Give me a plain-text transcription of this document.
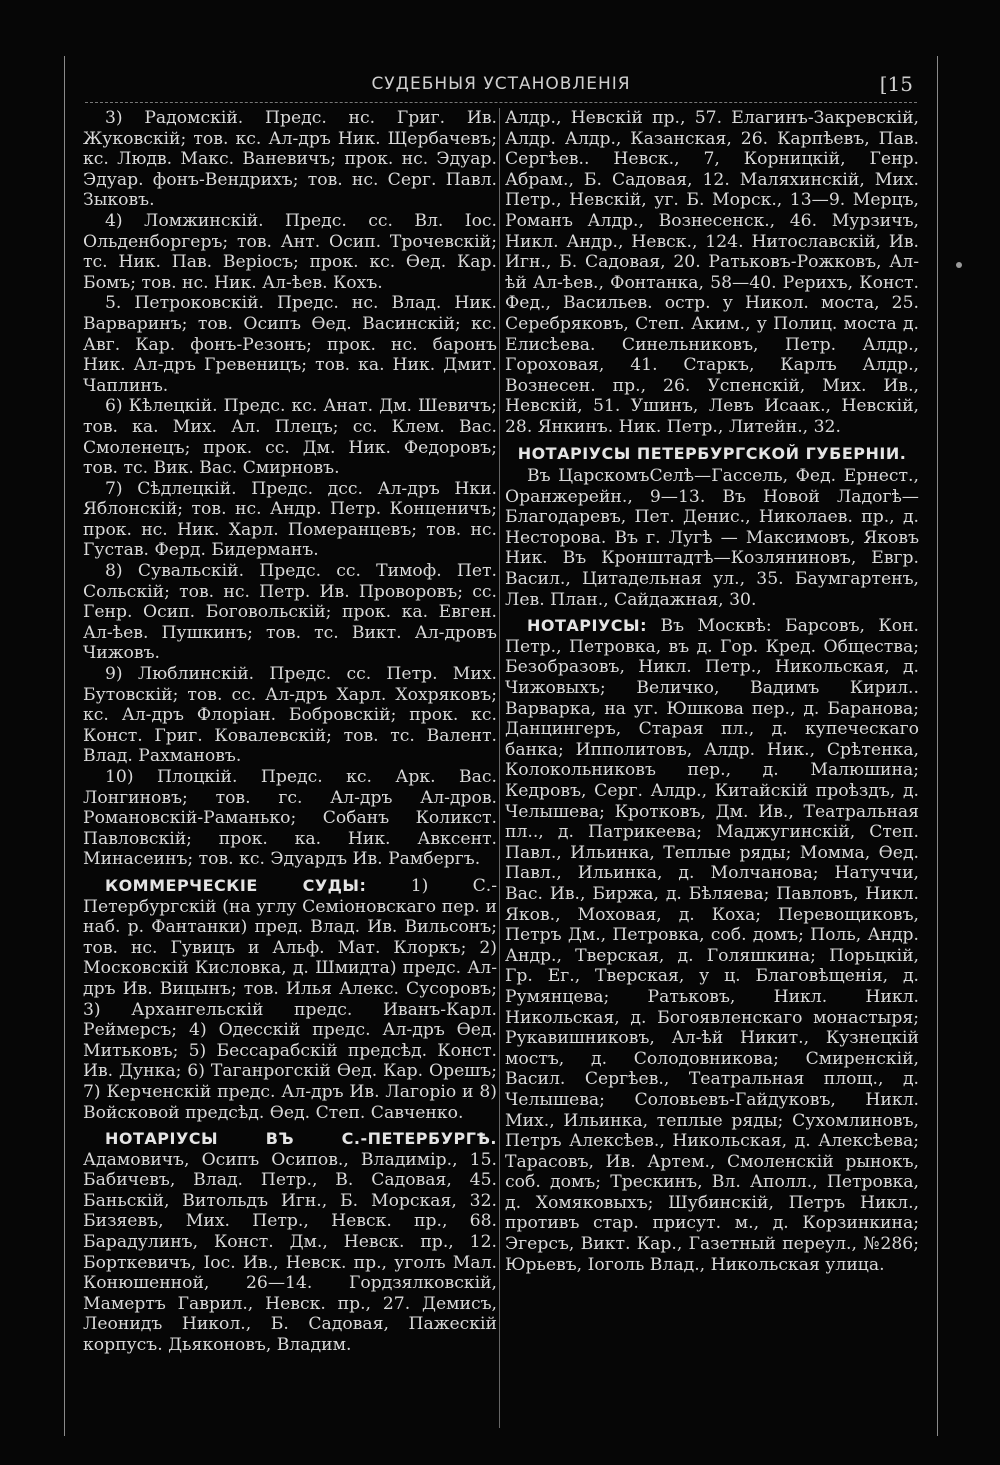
СУДЕБНЫЯ УСТАНОВЛЕНIЯ	[15

3) Радомскiй. Предс. нс. Григ. Ив. Жуковскiй; тов. кс. Ал-дръ Ник. Щербачевъ; кс. Людв. Макс. Ваневичъ; прок. нс. Эдуар. Эдуар. фонъ-Вендрихъ; тов. нс. Серг. Павл. Зыковъ.

4) Ломжинскiй. Предс. сс. Вл. Iос. Ольденборгеръ; тов. Ант. Осип. Трочевскiй; тс. Ник. Пав. Верiосъ; прок. кс. Өед. Кар. Бомъ; тов. нс. Ник. Ал-ѣев. Кохъ.

5. Петроковскiй. Предс. нс. Влад. Ник. Варваринъ; тов. Осипъ Өед. Васинскiй; кс. Авг. Кар. фонъ-Резонъ; прок. нс. баронъ Ник. Ал-дръ Гревеницъ; тов. ка. Ник. Дмит. Чаплинъ.

6) Кѣлецкiй. Предс. кс. Анат. Дм. Шевичъ; тов. ка. Мих. Ал. Плецъ; сс. Клем. Вас. Смоленецъ; прок. сс. Дм. Ник. Федоровъ; тов. тс. Вик. Вас. Смирновъ.

7) Сѣдлецкiй. Предс. дсс. Ал-дръ Нки. Яблонскiй; тов. нс. Андр. Петр. Конценичъ; прок. нс. Ник. Харл. Померанцевъ; тов. нс. Густав. Ферд. Бидерманъ.

8) Сувальскiй. Предс. сс. Тимоф. Пет. Сольскiй; тов. нс. Петр. Ив. Проворовъ; сс. Генр. Осип. Боговольскiй; прок. ка. Евген. Ал-ѣев. Пушкинъ; тов. тс. Викт. Ал-дровъ Чижовъ.

9) Люблинскiй. Предс. сс. Петр. Мих. Бутовскiй; тов. сс. Ал-дръ Харл. Хохряковъ; кс. Ал-дръ Флорiан. Бобровскiй; прок. кс. Конст. Григ. Ковалевскiй; тов. тс. Валент. Влад. Рахмановъ.

10) Плоцкiй. Предс. кс. Арк. Вас. Лонгиновъ; тов. гс. Ал-дръ Ал-дров. Романовскiй-Раманько; Собанъ Коликст. Павловскiй; прок. ка. Ник. Авксент. Минасеинъ; тов. кс. Эдуардъ Ив. Рамбергъ.

КОММЕРЧЕСКIЕ СУДЫ:	1) С.-Петербургскiй (на углу Семiоновскаго пер. и наб. р. Фантанки) пред. Влад. Ив. Вильсонъ; тов. нс. Гувицъ и Альф. Мат. Клоркъ; 2) Московскiй Кисловка, д. Шмидта) предс. Ал-дръ Ив. Вицынъ; тов. Илья Алекс. Сусоровъ; 3) Архангельскiй предс. Иванъ-Карл. Реймерсъ; 4) Одесскiй предс. Ал-дръ Өед. Митьковъ; 5) Бессарабскiй предсѣд. Конст. Ив. Дунка; 6) Таганрогскiй Өед. Кар. Орешъ; 7) Керченскiй предс. Ал-дръ Ив. Лагорiо и 8) Войсковой предсѣд. Өед. Степ. Савченко.

НОТАРIУСЫ ВЪ С.-ПЕТЕРБУРГѢ. Адамовичъ, Осипъ Осипов., Владимiр., 15. Бабичевъ, Влад. Петр., В. Садовая, 45. Баньскiй, Витольдъ Игн., Б. Морская, 32. Бизяевъ, Мих. Петр., Невск. пр., 68. Барадулинъ, Конст. Дм., Невск. пр., 12. Борткевичъ, Iос. Ив., Невск. пр., уголъ Мал. Конюшенной, 26—14. Гордзялковскiй, Мамертъ Гаврил., Невск. пр., 27. Демисъ, Леонидъ Никол., Б. Садовая, Пажескiй корпусъ. Дьяконовъ, Владим.

Алдр., Невскiй пр., 57. Елагинъ-Закревскiй, Алдр. Алдр., Казанская, 26. Карпѣевъ, Пав. Сергѣев.. Невск., 7, Корницкiй, Генр. Абрам., Б. Садовая, 12. Маляхинскiй, Мих. Петр., Невскiй, уг. Б. Морск., 13—9. Мерцъ, Романъ Алдр., Вознесенск., 46. Мурзичъ, Никл. Андр., Невск., 124. Нитославскiй, Ив. Игн., Б. Садовая, 20. Ратьковъ-Рожковъ, Ал-ѣй Ал-ѣев., Фонтанка, 58—40. Рерихъ, Конст. Фед., Васильев. остр. у Никол. моста, 25. Серебряковъ, Степ. Аким., у Полиц. моста д. Елисѣева. Синельниковъ, Петр. Алдр., Гороховая, 41. Старкъ, Карлъ Алдр., Вознесен. пр., 26. Успенскiй, Мих. Ив., Невскiй, 51. Ушинъ, Левъ Исаак., Невскiй, 28. Янкинъ. Ник. Петр., Литейн., 32.

НОТАРIУСЫ ПЕТЕРБУРГСКОЙ ГУБЕРНIИ.

Въ ЦарскомъСелѣ—Гассель, Фед. Ернест., Оранжерейн., 9—13. Въ Новой Ладогѣ—Благодаревъ, Пет. Денис., Николаев. пр., д. Несторова. Въ г. Лугѣ — Максимовъ, Яковъ Ник. Въ Кронштадтѣ—Козляниновъ, Евгр. Васил., Цитадельная ул., 35. Баумгартенъ, Лев. План., Сайдажная, 30.

НОТАРIУСЫ: Въ Москвѣ: Барсовъ, Кон. Петр., Петровка, въ д. Гор. Кред. Общества; Безобразовъ, Никл. Петр., Никольская, д. Чижовыхъ; Величко, Вадимъ Кирил.. Варварка, на уг. Юшкова пер., д. Баранова; Данцингеръ, Старая пл., д. купеческаго банка; Ипполитовъ, Алдр. Ник., Срѣтенка, Колокольниковъ пер., д. Малюшина; Кедровъ, Серг. Алдр., Китайскiй проѣздъ, д. Челышева; Кротковъ, Дм. Ив., Театральная пл.., д. Патрикеева; Маджугинскiй, Степ. Павл., Ильинка, Теплые ряды; Момма, Өед. Павл., Ильинка, д. Молчанова; Натуччи, Вас. Ив., Биржа, д. Бѣляева; Павловъ, Никл. Яков., Моховая, д. Коха; Перевощиковъ, Петръ Дм., Петровка, соб. домъ; Поль, Андр. Андр., Тверская, д. Голяшкина; Порьцкiй, Гр. Ег., Тверская, у ц. Благовѣщенiя, д. Румянцева; Ратьковъ, Никл. Никл. Никольская, д. Богоявленскаго монастыря; Рукавишниковъ, Ал-ѣй Никит., Кузнецкiй мостъ, д. Солодовникова; Смиренскiй, Васил. Сергѣев., Театральная площ., д. Челышева; Соловьевъ-Гайдуковъ, Никл. Мих., Ильинка, теплые ряды; Сухомлиновъ, Петръ Алексѣев., Никольская, д. Алексѣева; Тарасовъ, Ив. Артем., Смоленскiй рынокъ, соб. домъ; Трескинъ, Вл. Аполл., Петровка, д. Хомяковыхъ; Шубинскiй, Петръ Никл., противъ стар. присут. м., д. Корзинкина; Эгерсъ, Викт. Кар., Газетный переул., №286; Юрьевъ, Iоголь Влад., Никольская улица.
